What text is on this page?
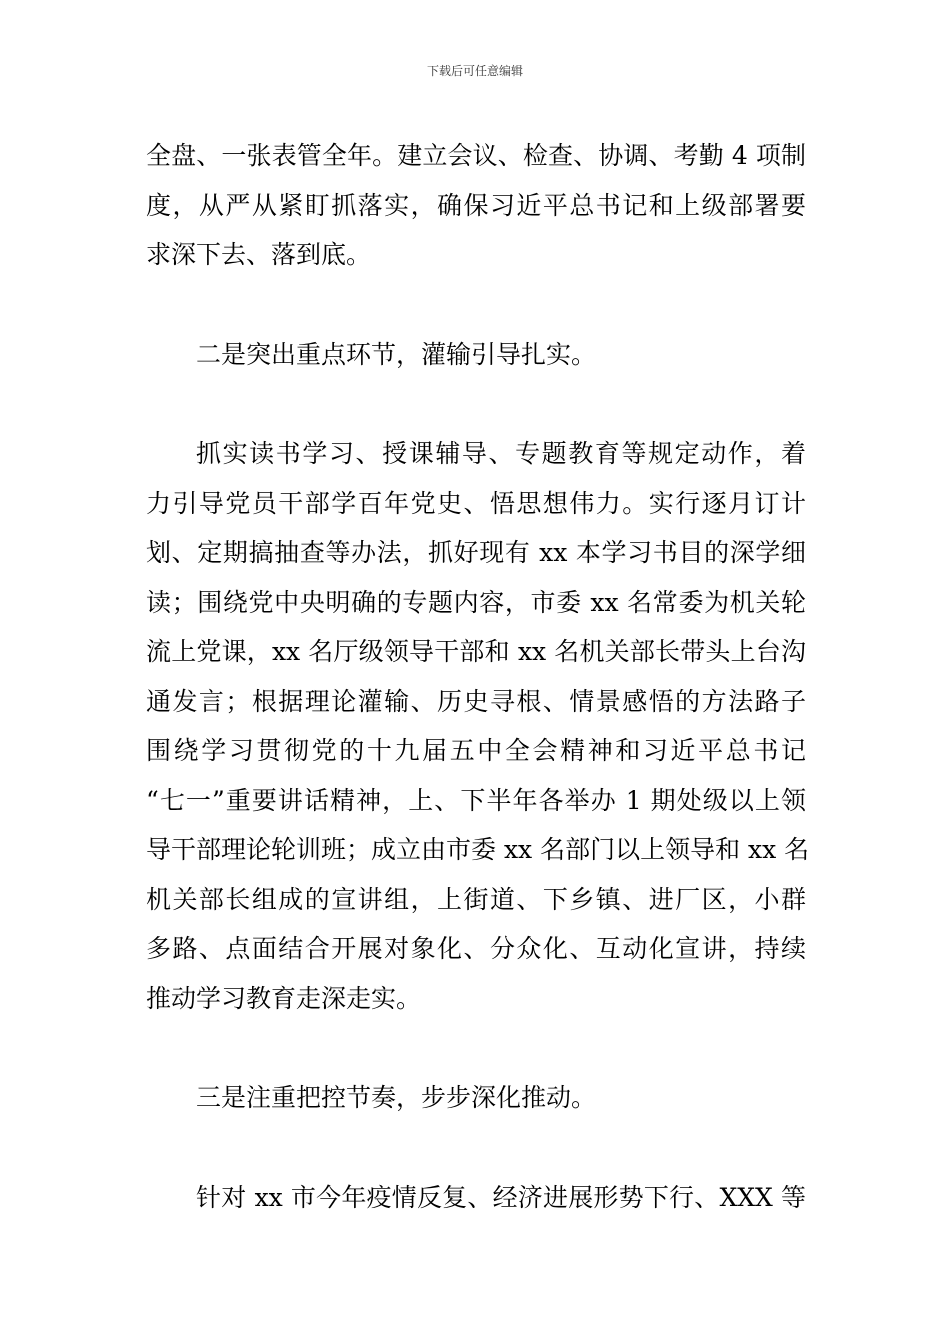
下载后可任意编辑
全盘、一张表管全年。建立会议、检查、协调、考勤 4 项制
度，从严从紧盯抓落实，确保习近平总书记和上级部署要
求深下去、落到底。
二是突出重点环节，灌输引导扎实。
抓实读书学习、授课辅导、专题教育等规定动作，着
力引导党员干部学百年党史、悟思想伟力。实行逐月订计
划、定期搞抽查等办法，抓好现有 xx 本学习书目的深学细
读；围绕党中央明确的专题内容，市委 xx 名常委为机关轮
流上党课，xx 名厅级领导干部和 xx 名机关部长带头上台沟
通发言；根据理论灌输、历史寻根、情景感悟的方法路子
围绕学习贯彻党的十九届五中全会精神和习近平总书记
“七一”重要讲话精神，上、下半年各举办 1 期处级以上领
导干部理论轮训班；成立由市委 xx 名部门以上领导和 xx 名
机关部长组成的宣讲组，上街道、下乡镇、进厂区，小群
多路、点面结合开展对象化、分众化、互动化宣讲，持续
推动学习教育走深走实。
三是注重把控节奏，步步深化推动。
针对 xx 市今年疫情反复、经济进展形势下行、XXX 等
